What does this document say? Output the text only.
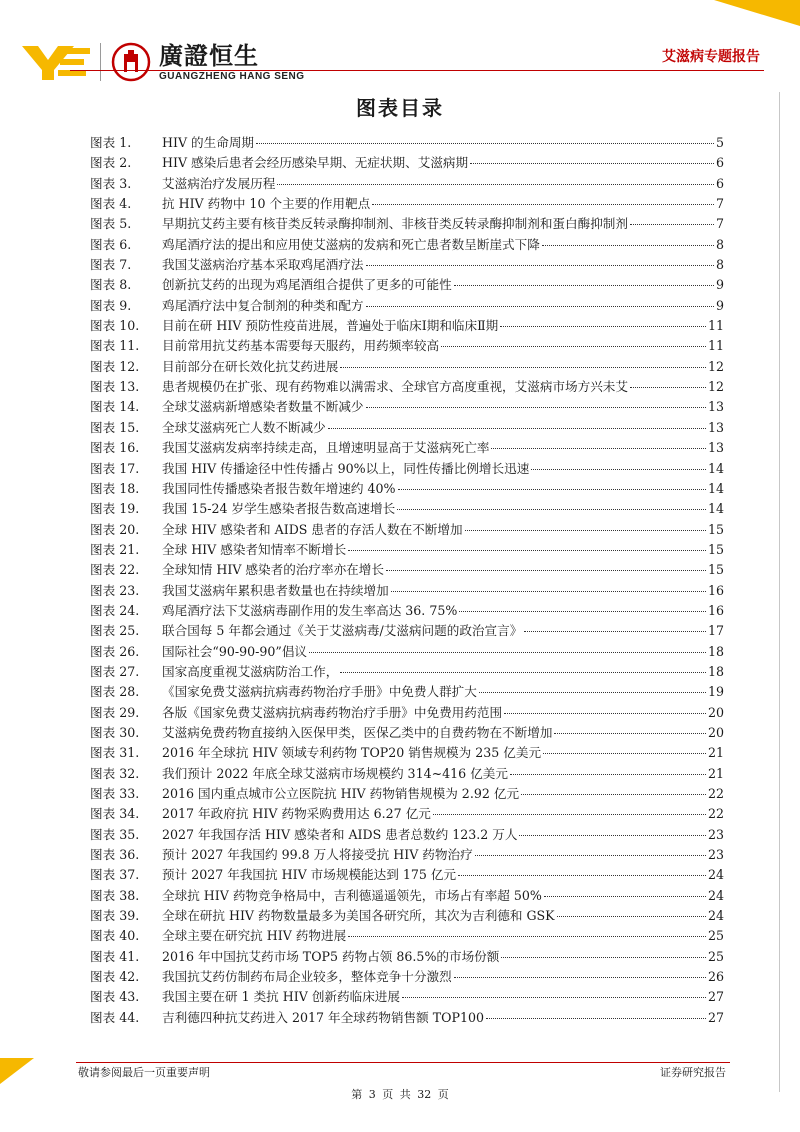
廣證恒生
GUANGZHENG HANG SENG
艾滋病专题报告
图表目录
图表 1.	HIV 的生命周期	5
图表 2.	HIV 感染后患者会经历感染早期、无症状期、艾滋病期	6
图表 3.	艾滋病治疗发展历程	6
图表 4.	抗 HIV 药物中 10 个主要的作用靶点	7
图表 5.	早期抗艾药主要有核苷类反转录酶抑制剂、非核苷类反转录酶抑制剂和蛋白酶抑制剂	7
图表 6.	鸡尾酒疗法的提出和应用使艾滋病的发病和死亡患者数呈断崖式下降	8
图表 7.	我国艾滋病治疗基本采取鸡尾酒疗法	8
图表 8.	创新抗艾药的出现为鸡尾酒组合提供了更多的可能性	9
图表 9.	鸡尾酒疗法中复合制剂的种类和配方	9
图表 10.	目前在研 HIV 预防性疫苗进展，普遍处于临床Ⅰ期和临床Ⅱ期	11
图表 11.	目前常用抗艾药基本需要每天服药，用药频率较高	11
图表 12.	目前部分在研长效化抗艾药进展	12
图表 13.	患者规模仍在扩张、现有药物难以满需求、全球官方高度重视，艾滋病市场方兴未艾	12
图表 14.	全球艾滋病新增感染者数量不断减少	13
图表 15.	全球艾滋病死亡人数不断减少	13
图表 16.	我国艾滋病发病率持续走高，且增速明显高于艾滋病死亡率	13
图表 17.	我国 HIV 传播途径中性传播占 90%以上，同性传播比例增长迅速	14
图表 18.	我国同性传播感染者报告数年增速约 40%	14
图表 19.	我国 15-24 岁学生感染者报告数高速增长	14
图表 20.	全球 HIV 感染者和 AIDS 患者的存活人数在不断增加	15
图表 21.	全球 HIV 感染者知情率不断增长	15
图表 22.	全球知情 HIV 感染者的治疗率亦在增长	15
图表 23.	我国艾滋病年累积患者数量也在持续增加	16
图表 24.	鸡尾酒疗法下艾滋病毒副作用的发生率高达 36. 75%	16
图表 25.	联合国每 5 年都会通过《关于艾滋病毒/艾滋病问题的政治宣言》	17
图表 26.	国际社会“90-90-90”倡议	18
图表 27.	国家高度重视艾滋病防治工作，	18
图表 28.	《国家免费艾滋病抗病毒药物治疗手册》中免费人群扩大	19
图表 29.	各版《国家免费艾滋病抗病毒药物治疗手册》中免费用药范围	20
图表 30.	艾滋病免费药物直接纳入医保甲类，医保乙类中的自费药物在不断增加	20
图表 31.	2016 年全球抗 HIV 领域专利药物 TOP20 销售规模为 235 亿美元	21
图表 32.	我们预计 2022 年底全球艾滋病市场规模约 314~416 亿美元	21
图表 33.	2016 国内重点城市公立医院抗 HIV 药物销售规模为 2.92 亿元	22
图表 34.	2017 年政府抗 HIV 药物采购费用达 6.27 亿元	22
图表 35.	2027 年我国存活 HIV 感染者和 AIDS 患者总数约 123.2 万人	23
图表 36.	预计 2027 年我国约 99.8 万人将接受抗 HIV 药物治疗	23
图表 37.	预计 2027 年我国抗 HIV 市场规模能达到 175 亿元	24
图表 38.	全球抗 HIV 药物竞争格局中，吉利德遥遥领先，市场占有率超 50%	24
图表 39.	全球在研抗 HIV 药物数量最多为美国各研究所，其次为吉利德和 GSK	24
图表 40.	全球主要在研究抗 HIV 药物进展	25
图表 41.	2016 年中国抗艾药市场 TOP5 药物占领 86.5%的市场份额	25
图表 42.	我国抗艾药仿制药布局企业较多，整体竞争十分激烈	26
图表 43.	我国主要在研 1 类抗 HIV 创新药临床进展	27
图表 44.	吉利德四种抗艾药进入 2017 年全球药物销售额 TOP100	27
敬请参阅最后一页重要声明	证券研究报告
第 3 页 共 32 页
